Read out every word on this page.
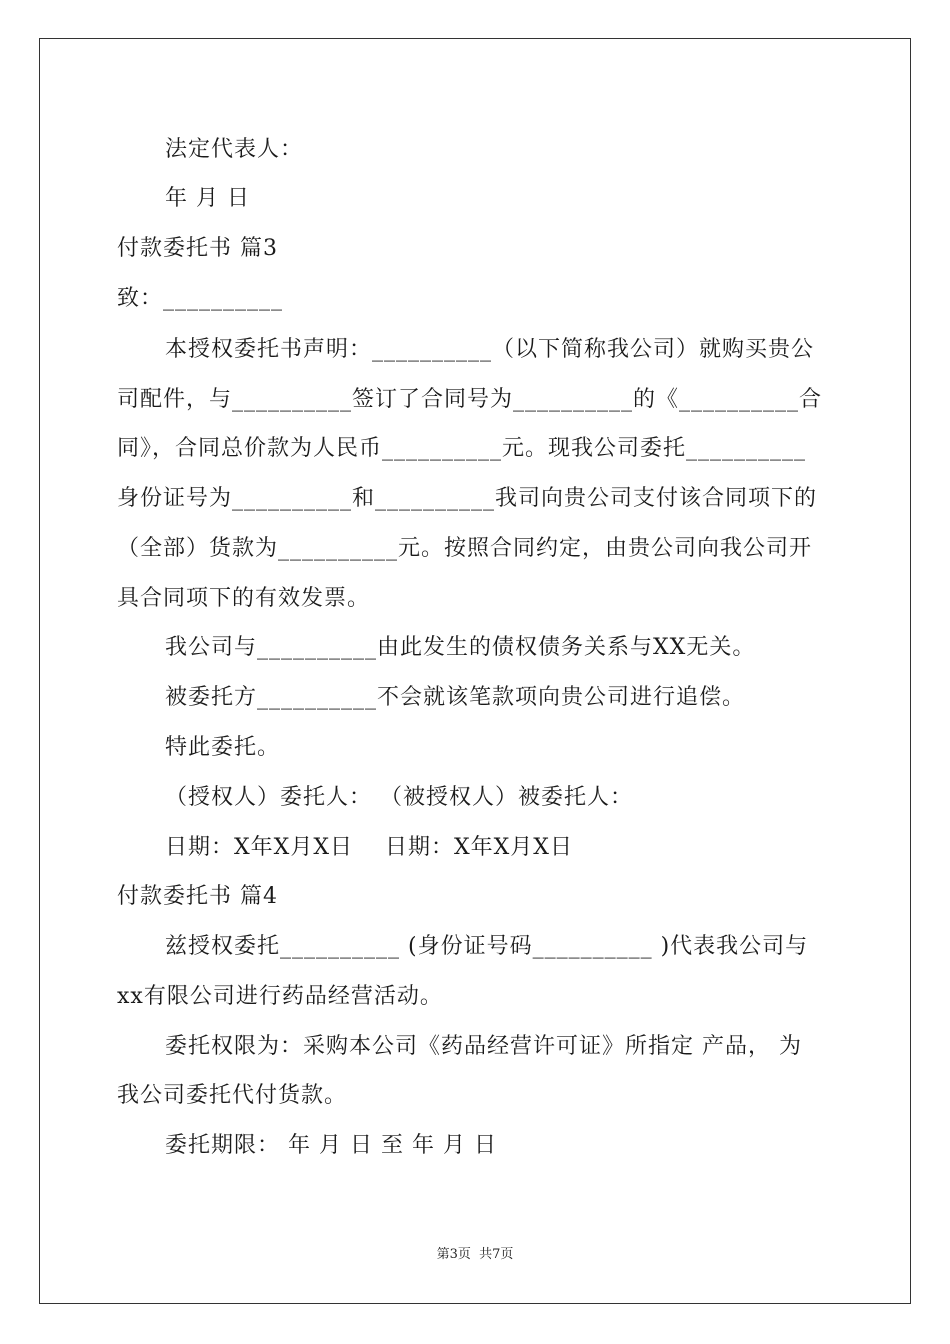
法定代表人：
年 月 日
付款委托书 篇3
致：__________
本授权委托书声明：__________（以下简称我公司）就购买贵公
司配件，与__________签订了合同号为__________的《__________合
同》，合同总价款为人民币__________元。现我公司委托__________
身份证号为__________和__________我司向贵公司支付该合同项下的
（全部）货款为__________元。按照合同约定，由贵公司向我公司开
具合同项下的有效发票。
我公司与__________由此发生的债权债务关系与XX无关。
被委托方__________不会就该笔款项向贵公司进行追偿。
特此委托。
（授权人）委托人： （被授权人）被委托人：
日期：X年X月X日    日期：X年X月X日
付款委托书 篇4
兹授权委托__________ (身份证号码__________ )代表我公司与
xx有限公司进行药品经营活动。
委托权限为：采购本公司《药品经营许可证》所指定 产品， 为
我公司委托代付货款。
委托期限： 年 月 日 至 年 月 日
第3页  共7页
